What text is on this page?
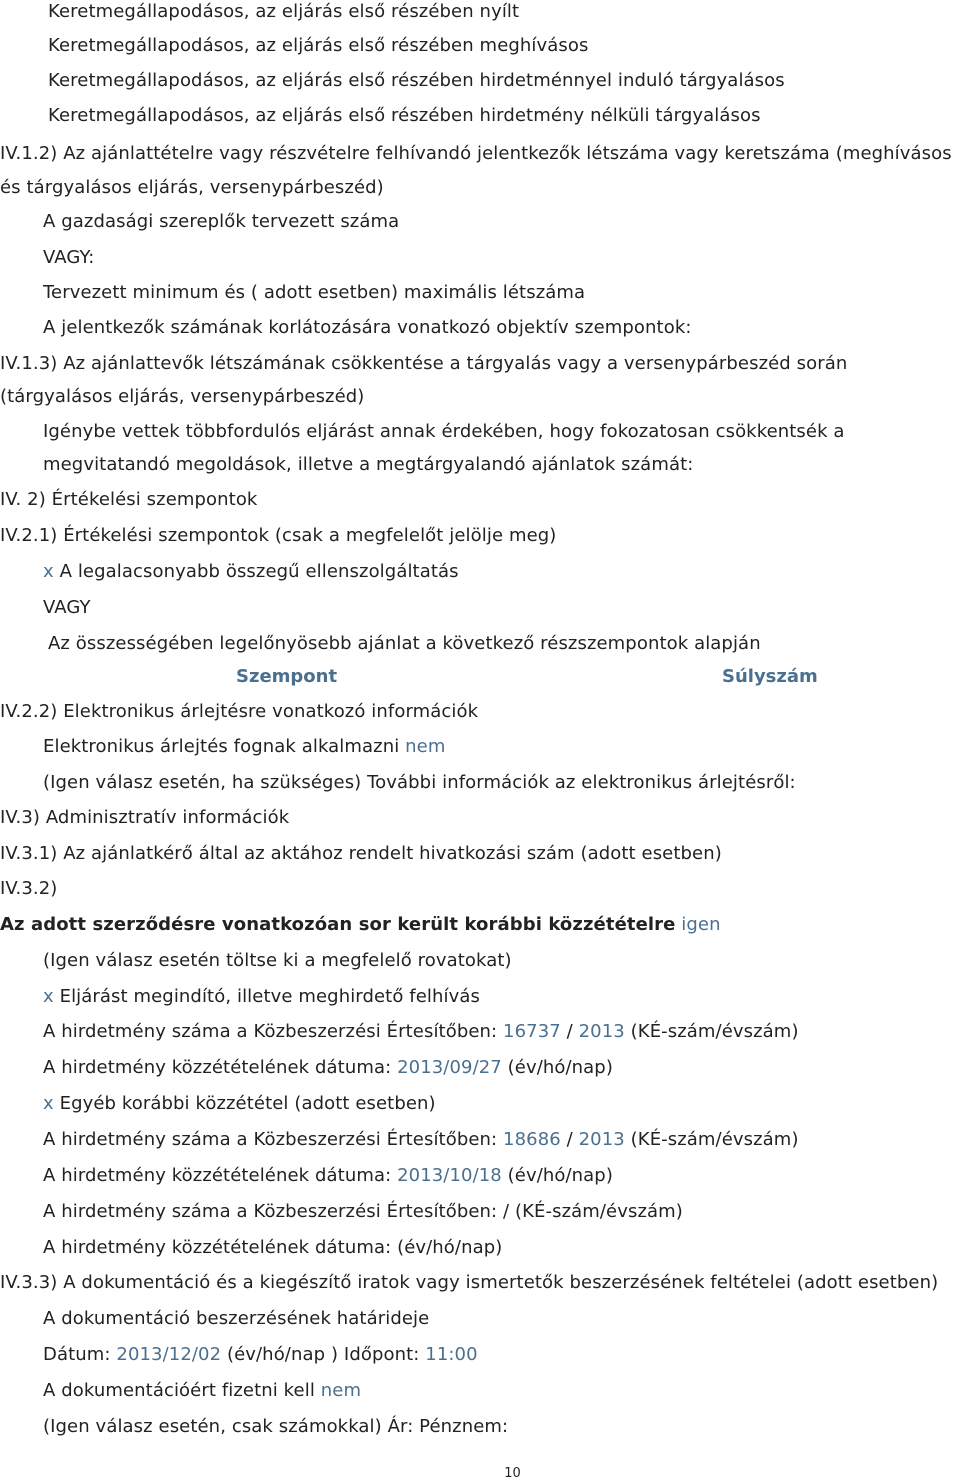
Keretmegállapodásos, az eljárás első részében nyílt
Keretmegállapodásos, az eljárás első részében meghívásos
Keretmegállapodásos, az eljárás első részében hirdetménnyel induló tárgyalásos
Keretmegállapodásos, az eljárás első részében hirdetmény nélküli tárgyalásos
IV.1.2) Az ajánlattételre vagy részvételre felhívandó jelentkezők létszáma vagy keretszáma (meghívásos
és tárgyalásos eljárás, versenypárbeszéd)
A gazdasági szereplők tervezett száma
VAGY:
Tervezett minimum és ( adott esetben) maximális létszáma
A jelentkezők számának korlátozására vonatkozó objektív szempontok:
IV.1.3) Az ajánlattevők létszámának csökkentése a tárgyalás vagy a versenypárbeszéd során
(tárgyalásos eljárás, versenypárbeszéd)
Igénybe vettek többfordulós eljárást annak érdekében, hogy fokozatosan csökkentsék a
megvitatandó megoldások, illetve a megtárgyalandó ajánlatok számát:
IV. 2) Értékelési szempontok
IV.2.1) Értékelési szempontok (csak a megfelelőt jelölje meg)
x A legalacsonyabb összegű ellenszolgáltatás
VAGY
Az összességében legelőnyösebb ajánlat a következő részszempontok alapján
Szempont	Súlyszám
IV.2.2) Elektronikus árlejtésre vonatkozó információk
Elektronikus árlejtés fognak alkalmazni nem
(Igen válasz esetén, ha szükséges) További információk az elektronikus árlejtésről:
IV.3) Adminisztratív információk
IV.3.1) Az ajánlatkérő által az aktához rendelt hivatkozási szám (adott esetben)
IV.3.2)
Az adott szerződésre vonatkozóan sor került korábbi közzétételre igen
(Igen válasz esetén töltse ki a megfelelő rovatokat)
x Eljárást megindító, illetve meghirdető felhívás
A hirdetmény száma a Közbeszerzési Értesítőben: 16737 / 2013 (KÉ-szám/évszám)
A hirdetmény közzétételének dátuma: 2013/09/27 (év/hó/nap)
x Egyéb korábbi közzététel (adott esetben)
A hirdetmény száma a Közbeszerzési Értesítőben: 18686 / 2013 (KÉ-szám/évszám)
A hirdetmény közzétételének dátuma: 2013/10/18 (év/hó/nap)
A hirdetmény száma a Közbeszerzési Értesítőben: / (KÉ-szám/évszám)
A hirdetmény közzétételének dátuma: (év/hó/nap)
IV.3.3) A dokumentáció és a kiegészítő iratok vagy ismertetők beszerzésének feltételei (adott esetben)
A dokumentáció beszerzésének határideje
Dátum: 2013/12/02 (év/hó/nap ) Időpont: 11:00
A dokumentációért fizetni kell nem
(Igen válasz esetén, csak számokkal) Ár: Pénznem:
10
